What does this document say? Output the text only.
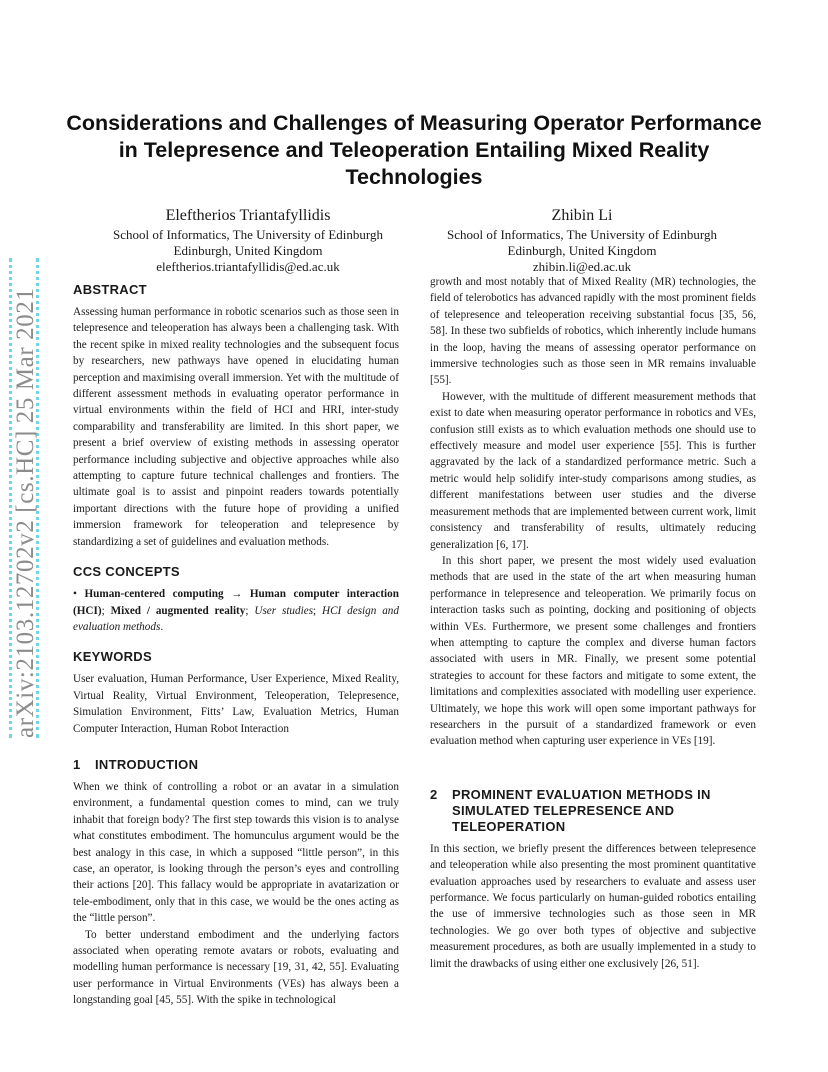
arXiv:2103.12702v2 [cs.HC] 25 Mar 2021
Considerations and Challenges of Measuring Operator Performance in Telepresence and Teleoperation Entailing Mixed Reality Technologies
Eleftherios Triantafyllidis
School of Informatics, The University of Edinburgh
Edinburgh, United Kingdom
eleftherios.triantafyllidis@ed.ac.uk
Zhibin Li
School of Informatics, The University of Edinburgh
Edinburgh, United Kingdom
zhibin.li@ed.ac.uk
ABSTRACT

Assessing human performance in robotic scenarios such as those seen in telepresence and teleoperation has always been a challenging task. With the recent spike in mixed reality technologies and the subsequent focus by researchers, new pathways have opened in elucidating human perception and maximising overall immersion. Yet with the multitude of different assessment methods in evaluating operator performance in virtual environments within the field of HCI and HRI, inter-study comparability and transferability are limited. In this short paper, we present a brief overview of existing methods in assessing operator performance including subjective and objective approaches while also attempting to capture future technical challenges and frontiers. The ultimate goal is to assist and pinpoint readers towards potentially important directions with the future hope of providing a unified immersion framework for teleoperation and telepresence by standardizing a set of guidelines and evaluation methods.

CCS CONCEPTS

• Human-centered computing → Human computer interaction (HCI); Mixed / augmented reality; User studies; HCI design and evaluation methods.

KEYWORDS

User evaluation, Human Performance, User Experience, Mixed Reality, Virtual Reality, Virtual Environment, Teleoperation, Telepresence, Simulation Environment, Fitts’ Law, Evaluation Metrics, Human Computer Interaction, Human Robot Interaction

1 INTRODUCTION

When we think of controlling a robot or an avatar in a simulation environment, a fundamental question comes to mind, can we truly inhabit that foreign body? The first step towards this vision is to analyse what constitutes embodiment. The homunculus argument would be the best analogy in this case, in which a supposed “little person”, in this case, an operator, is looking through the person’s eyes and controlling their actions [20]. This fallacy would be appropriate in avatarization or tele-embodiment, only that in this case, we would be the ones acting as the “little person”.

To better understand embodiment and the underlying factors associated when operating remote avatars or robots, evaluating and modelling human performance is necessary [19, 31, 42, 55]. Evaluating user performance in Virtual Environments (VEs) has always been a longstanding goal [45, 55]. With the spike in technological

growth and most notably that of Mixed Reality (MR) technologies, the field of telerobotics has advanced rapidly with the most prominent fields of telepresence and teleoperation receiving substantial focus [35, 56, 58]. In these two subfields of robotics, which inherently include humans in the loop, having the means of assessing operator performance on immersive technologies such as those seen in MR remains invaluable [55].

However, with the multitude of different measurement methods that exist to date when measuring operator performance in robotics and VEs, confusion still exists as to which evaluation methods one should use to effectively measure and model user experience [55]. This is further aggravated by the lack of a standardized performance metric. Such a metric would help solidify inter-study comparisons among studies, as different manifestations between user studies and the diverse measurement methods that are implemented between current work, limit consistency and transferability of results, ultimately reducing generalization [6, 17].

In this short paper, we present the most widely used evaluation methods that are used in the state of the art when measuring human performance in telepresence and teleoperation. We primarily focus on interaction tasks such as pointing, docking and positioning of objects within VEs. Furthermore, we present some challenges and frontiers when attempting to capture the complex and diverse human factors associated with users in MR. Finally, we present some potential strategies to account for these factors and mitigate to some extent, the limitations and complexities associated with modelling user experience. Ultimately, we hope this work will open some important pathways for researchers in the pursuit of a standardized framework or even evaluation method when capturing user experience in VEs [19].

2	PROMINENT EVALUATION METHODS IN SIMULATED TELEPRESENCE AND TELEOPERATION

In this section, we briefly present the differences between telepresence and teleoperation while also presenting the most prominent quantitative evaluation approaches used by researchers to evaluate and assess user performance. We focus particularly on human-guided robotics entailing the use of immersive technologies such as those seen in MR technologies. We go over both types of objective and subjective measurement procedures, as both are usually implemented in a study to limit the drawbacks of using either one exclusively [26, 51].
